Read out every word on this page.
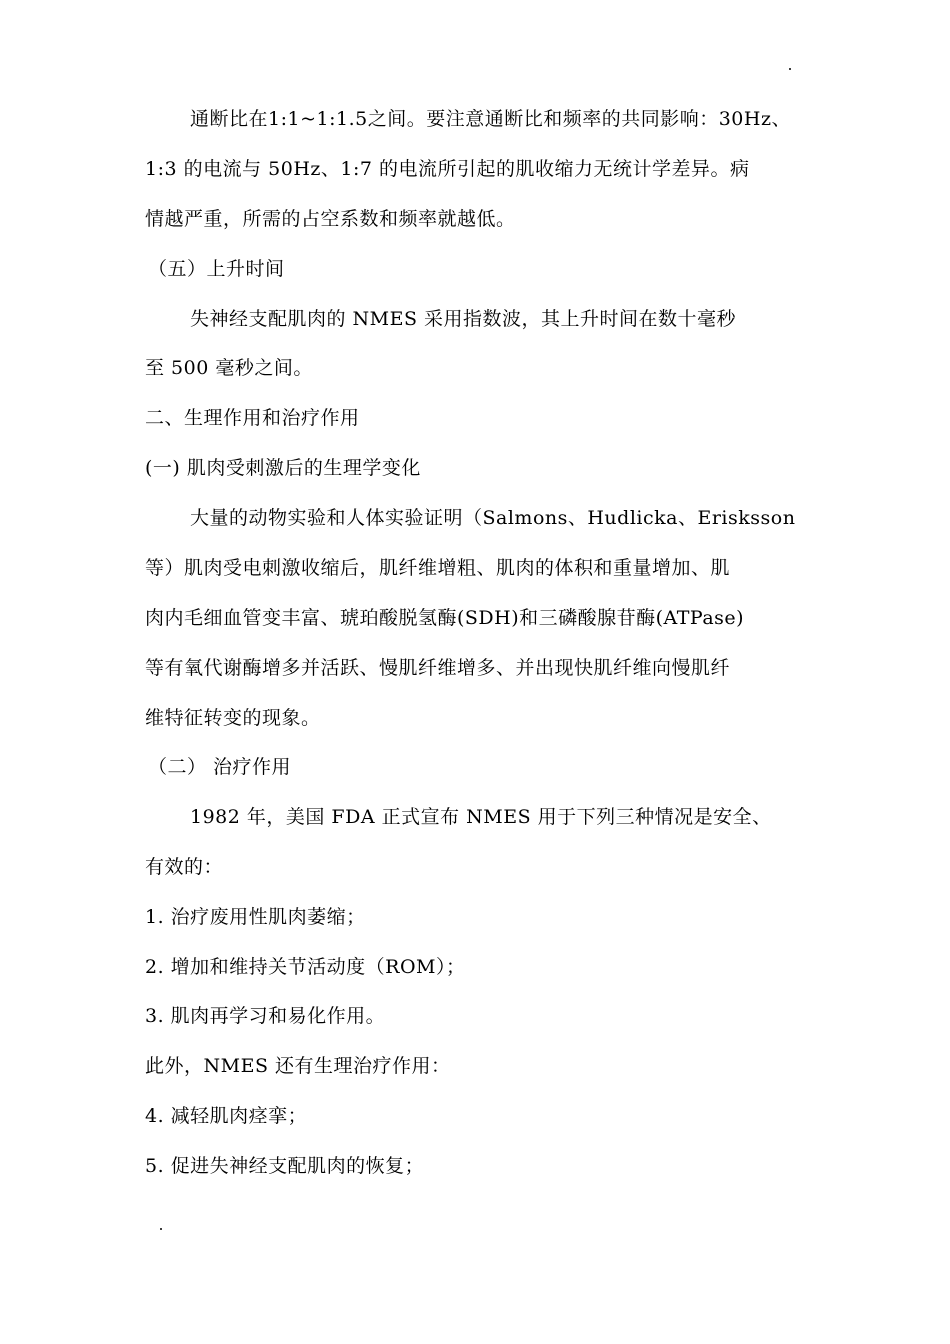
通断比在1:1~1:1.5之间。要注意通断比和频率的共同影响：30Hz、
1:3 的电流与 50Hz、1:7 的电流所引起的肌收缩力无统计学差异。病
情越严重，所需的占空系数和频率就越低。
（五）上升时间
失神经支配肌肉的 NMES 采用指数波，其上升时间在数十毫秒
至 500 毫秒之间。
二、生理作用和治疗作用
(一) 肌肉受刺激后的生理学变化
大量的动物实验和人体实验证明（Salmons、Hudlicka、Erisksson
等）肌肉受电刺激收缩后，肌纤维增粗、肌肉的体积和重量增加、肌
肉内毛细血管变丰富、琥珀酸脱氢酶(SDH)和三磷酸腺苷酶(ATPase)
等有氧代谢酶增多并活跃、慢肌纤维增多、并出现快肌纤维向慢肌纤
维特征转变的现象。
（二） 治疗作用
1982 年，美国 FDA 正式宣布 NMES 用于下列三种情况是安全、
有效的：
1. 治疗废用性肌肉萎缩；
2. 增加和维持关节活动度（ROM）；
3. 肌肉再学习和易化作用。
此外，NMES 还有生理治疗作用：
4. 减轻肌肉痉挛；
5. 促进失神经支配肌肉的恢复；
